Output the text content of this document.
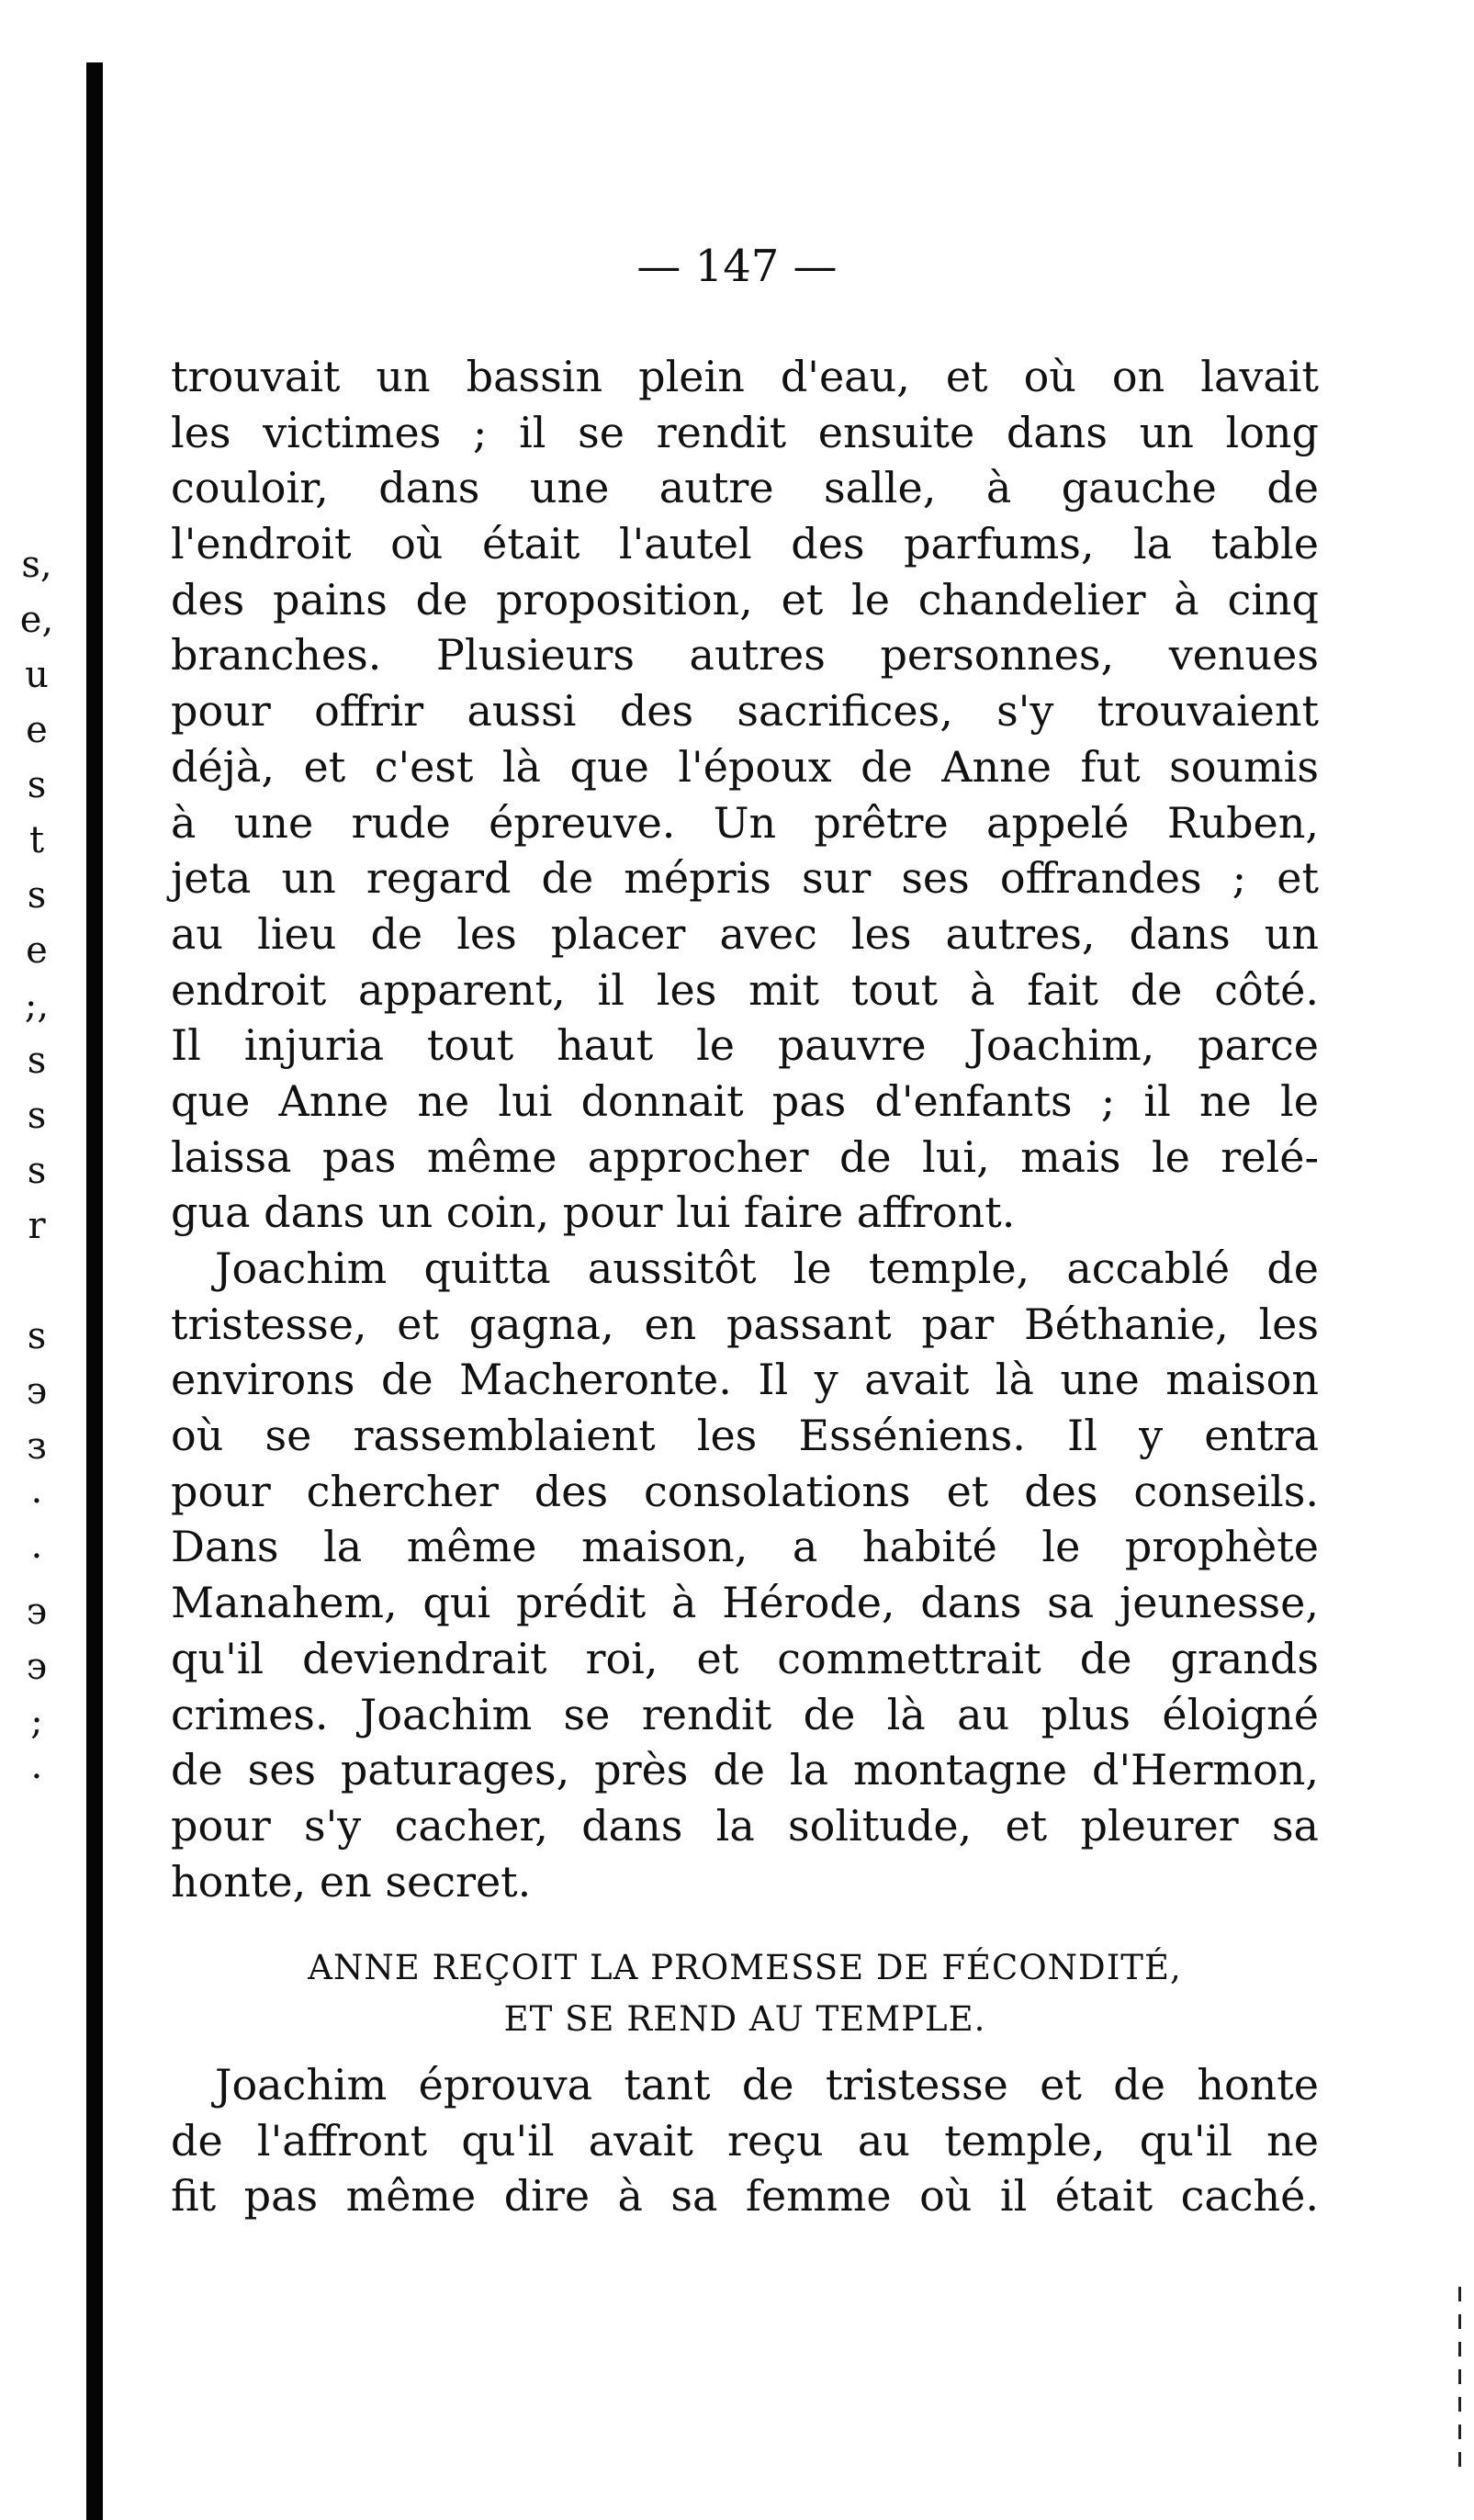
s,
e,
u
e
s
t
s
e
;,
s
s
s
r
s
э
з
·
·
э
э
;
·
— 147 —
trouvait un bassin plein d'eau, et où on lavait
les victimes ; il se rendit ensuite dans un long
couloir, dans une autre salle, à gauche de
l'endroit où était l'autel des parfums, la table
des pains de proposition, et le chandelier à cinq
branches. Plusieurs autres personnes, venues
pour offrir aussi des sacrifices, s'y trouvaient
déjà, et c'est là que l'époux de Anne fut soumis
à une rude épreuve. Un prêtre appelé Ruben,
jeta un regard de mépris sur ses offrandes ; et
au lieu de les placer avec les autres, dans un
endroit apparent, il les mit tout à fait de côté.
Il injuria tout haut le pauvre Joachim, parce
que Anne ne lui donnait pas d'enfants ; il ne le
laissa pas même approcher de lui, mais le relé-
gua dans un coin, pour lui faire affront.
Joachim quitta aussitôt le temple, accablé de
tristesse, et gagna, en passant par Béthanie, les
environs de Macheronte. Il y avait là une maison
où se rassemblaient les Esséniens. Il y entra
pour chercher des consolations et des conseils.
Dans la même maison, a habité le prophète
Manahem, qui prédit à Hérode, dans sa jeunesse,
qu'il deviendrait roi, et commettrait de grands
crimes. Joachim se rendit de là au plus éloigné
de ses paturages, près de la montagne d'Hermon,
pour s'y cacher, dans la solitude, et pleurer sa
honte, en secret.
ANNE REÇOIT LA PROMESSE DE FÉCONDITÉ,
ET SE REND AU TEMPLE.
Joachim éprouva tant de tristesse et de honte
de l'affront qu'il avait reçu au temple, qu'il ne
fit pas même dire à sa femme où il était caché.
